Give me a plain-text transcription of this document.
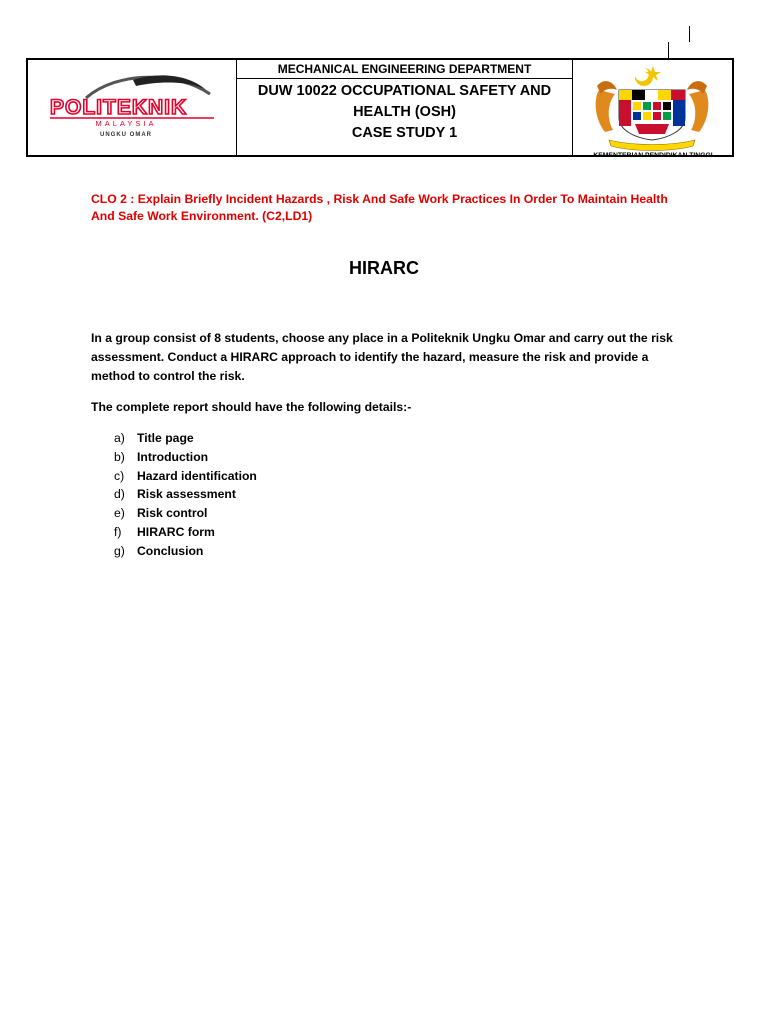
POLITEKNIK
MALAYSIA
UNGKU OMAR
MECHANICAL ENGINEERING DEPARTMENT
DUW 10022 OCCUPATIONAL SAFETY AND
HEALTH (OSH)
CASE STUDY 1
KEMENTERIAN PENDIDIKAN TINGGI
CLO 2 : Explain Briefly Incident Hazards , Risk And Safe Work Practices In Order To Maintain Health And Safe Work Environment. (C2,LD1)
HIRARC
In a group consist of 8 students, choose any place in a Politeknik Ungku Omar and carry out the risk assessment. Conduct a HIRARC approach to identify the hazard, measure the risk and provide a method to control the risk.
The complete report should have the following details:-
a) Title page
b) Introduction
c)	Hazard identification
d) Risk assessment
e) Risk control
f)	HIRARC form
g) Conclusion
